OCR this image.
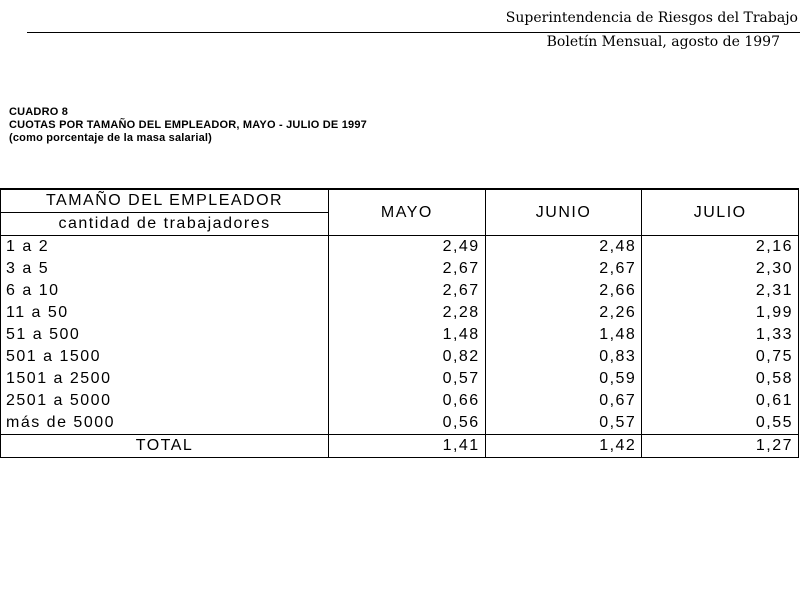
Superintendencia de Riesgos del Trabajo
Boletín Mensual, agosto de 1997
CUADRO 8
CUOTAS POR TAMAÑO DEL EMPLEADOR, MAYO - JULIO DE 1997
(como porcentaje de la masa salarial)
TAMAÑO DEL EMPLEADOR	MAYO	JUNIO	JULIO
cantidad de trabajadores			
1 a 2	2,49	2,48	2,16
3 a 5	2,67	2,67	2,30
6 a 10	2,67	2,66	2,31
11 a 50	2,28	2,26	1,99
51 a 500	1,48	1,48	1,33
501 a 1500	0,82	0,83	0,75
1501 a 2500	0,57	0,59	0,58
2501 a 5000	0,66	0,67	0,61
más de 5000	0,56	0,57	0,55
TOTAL	1,41	1,42	1,27
